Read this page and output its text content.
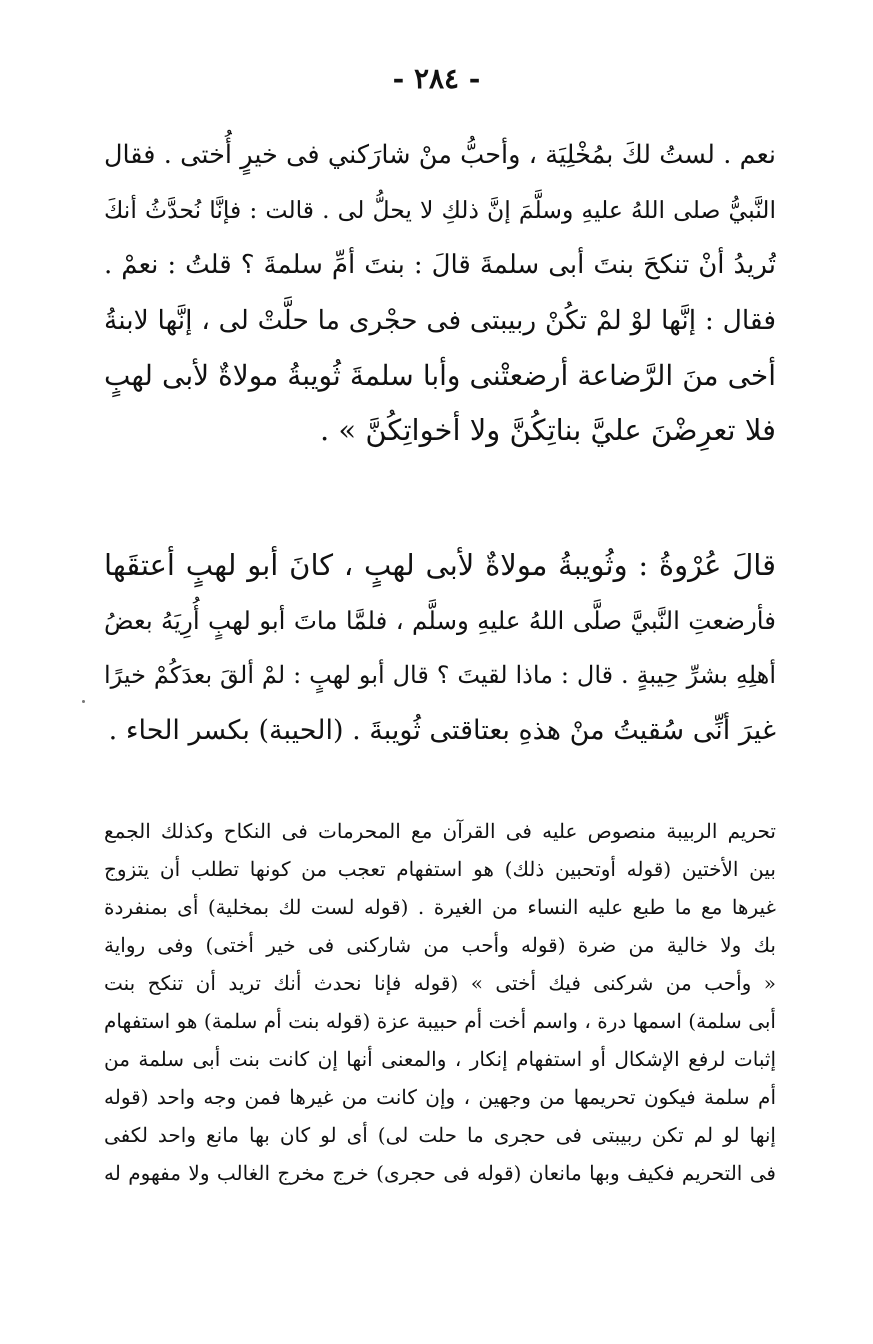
- ٢٨٤ -
نعم . لستُ لكَ بمُخْلِيَة ، وأحبُّ منْ شارَكني فى خيرٍ أُختى . فقال
النَّبيُّ صلى اللهُ عليهِ وسلَّمَ إنَّ ذلكِ لا يحلُّ لى . قالت : فإنَّا نُحدَّثُ أنكَ
تُريدُ أنْ تنكحَ بنتَ أبى سلمةَ قالَ : بنتَ أمِّ سلمةَ ؟ قلتُ : نعمْ .
فقال : إنَّها لوْ لمْ تكُنْ ربيبتى فى حجْرى ما حلَّتْ لى ، إنَّها لابنةُ
أخى منَ الرَّضاعة أرضعتْنى وأبا سلمةَ ثُويبةُ مولاةٌ لأبى لهبٍ
فلا تعرِضْنَ عليَّ بناتِكُنَّ ولا أخواتِكُنَّ » .
قالَ عُرْوةُ : وثُويبةُ مولاةٌ لأبى لهبٍ ، كانَ أبو لهبٍ أعتقَها
فأرضعتِ النَّبيَّ صلَّى اللهُ عليهِ وسلَّم ، فلمَّا ماتَ أبو لهبٍ أُرِيَهُ بعضُ
أهلِهِ بشرِّ حِيبةٍ . قال : ماذا لقيتَ ؟ قال أبو لهبٍ : لمْ ألقَ بعدَكُمْ خيرًا
غيرَ أنِّى سُقيتُ منْ هذهِ بعتاقتى ثُويبةَ . (الحيبة) بكسر الحاء .
تحريم الربيبة منصوص عليه فى القرآن مع المحرمات فى النكاح وكذلك الجمع
بين الأختين (قوله أوتحبين ذلك) هو استفهام تعجب من كونها تطلب أن يتزوج
غيرها مع ما طبع عليه النساء من الغيرة . (قوله لست لك بمخلية) أى بمنفردة
بك ولا خالية من ضرة (قوله وأحب من شاركنى فى خير أختى) وفى رواية
« وأحب من شركنى فيك أختى » (قوله فإنا نحدث أنك تريد أن تنكح بنت
أبى سلمة) اسمها درة ، واسم أخت أم حبيبة عزة (قوله بنت أم سلمة) هو استفهام
إثبات لرفع الإشكال أو استفهام إنكار ، والمعنى أنها إن كانت بنت أبى سلمة من
أم سلمة فيكون تحريمها من وجهين ، وإن كانت من غيرها فمن وجه واحد (قوله
إنها لو لم تكن ربيبتى فى حجرى ما حلت لى) أى لو كان بها مانع واحد لكفى
فى التحريم فكيف وبها مانعان (قوله فى حجرى) خرج مخرج الغالب ولا مفهوم له
